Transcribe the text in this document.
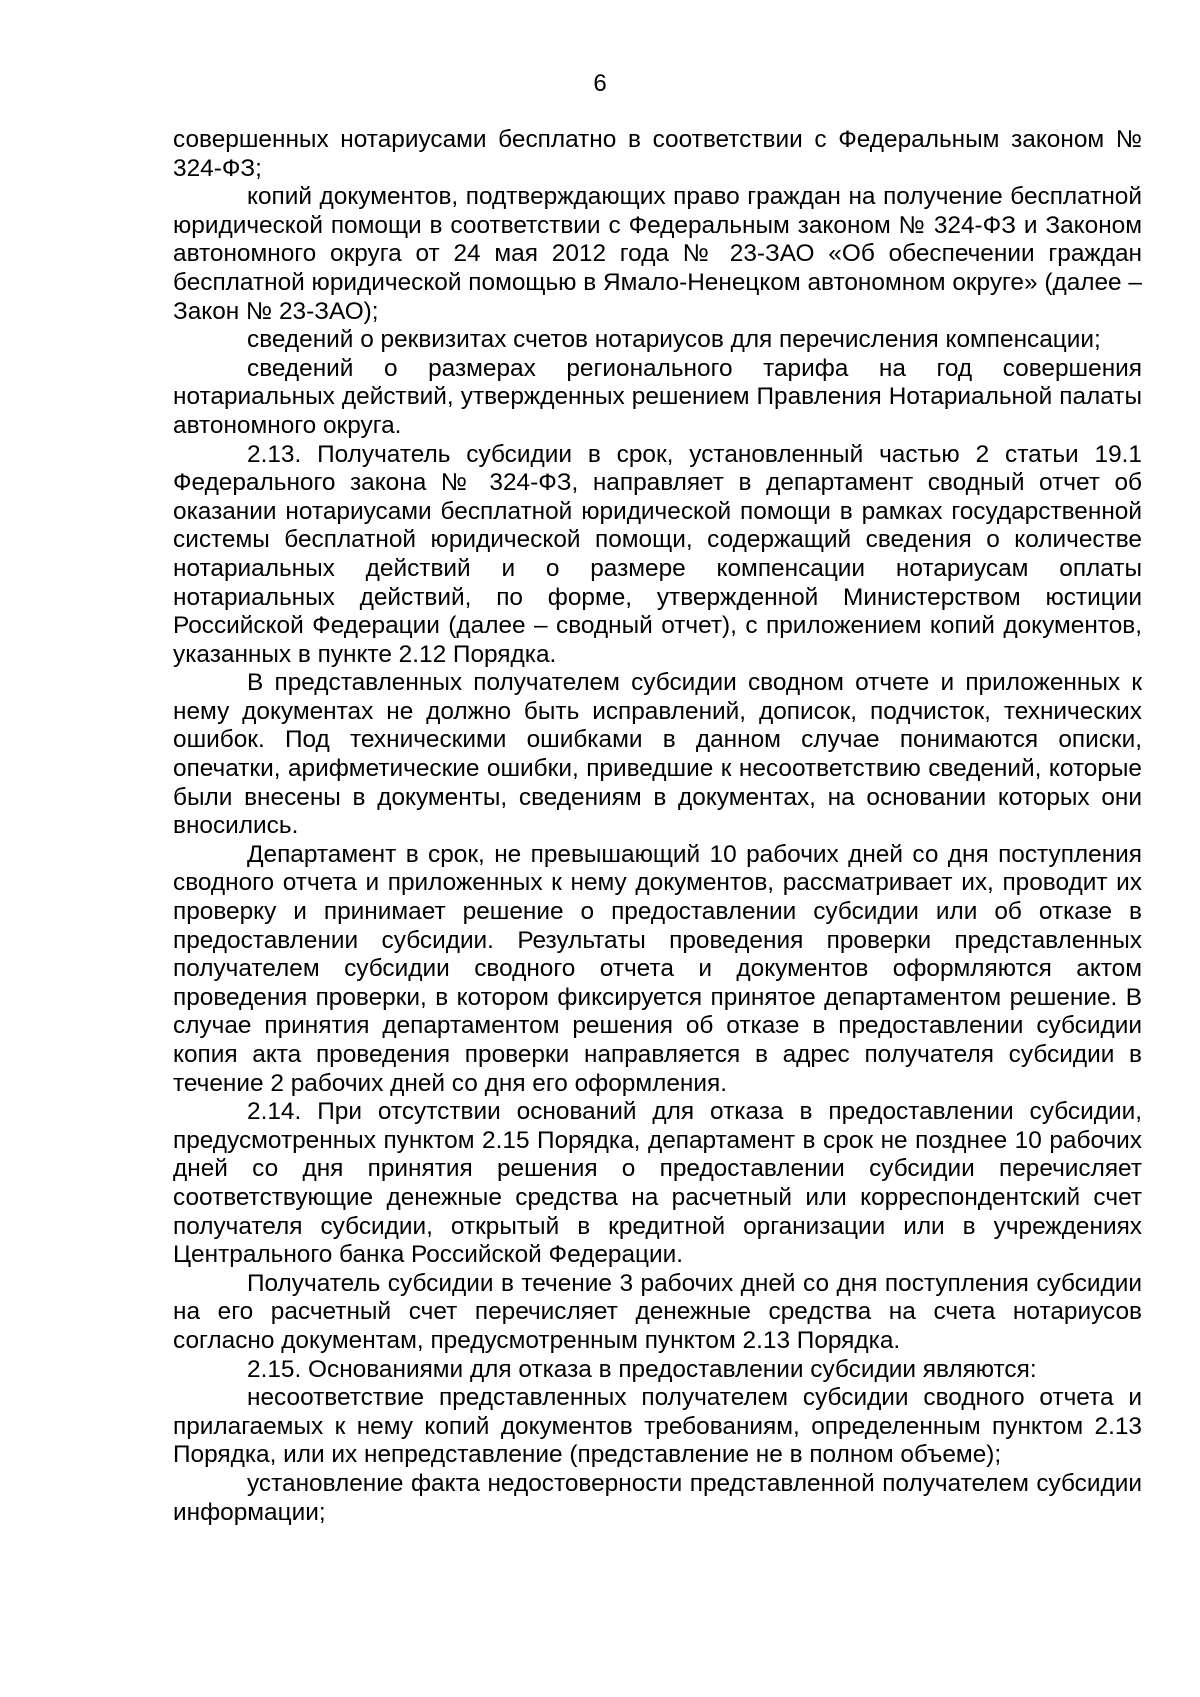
6

совершенных нотариусами бесплатно в соответствии с Федеральным законом № 324-ФЗ;

копий документов, подтверждающих право граждан на получение бесплатной юридической помощи в соответствии с Федеральным законом № 324-ФЗ и Законом автономного округа от 24 мая 2012 года № 23-ЗАО «Об обеспечении граждан бесплатной юридической помощью в Ямало-Ненецком автономном округе» (далее – Закон № 23-ЗАО);

сведений о реквизитах счетов нотариусов для перечисления компенсации;

сведений о размерах регионального тарифа на год совершения нотариальных действий, утвержденных решением Правления Нотариальной палаты автономного округа.

2.13. Получатель субсидии в срок, установленный частью 2 статьи 19.1 Федерального закона № 324-ФЗ, направляет в департамент сводный отчет об оказании нотариусами бесплатной юридической помощи в рамках государственной системы бесплатной юридической помощи, содержащий сведения о количестве нотариальных действий и о размере компенсации нотариусам оплаты нотариальных действий, по форме, утвержденной Министерством юстиции Российской Федерации (далее – сводный отчет), с приложением копий документов, указанных в пункте 2.12 Порядка.

В представленных получателем субсидии сводном отчете и приложенных к нему документах не должно быть исправлений, дописок, подчисток, технических ошибок. Под техническими ошибками в данном случае понимаются описки, опечатки, арифметические ошибки, приведшие к несоответствию сведений, которые были внесены в документы, сведениям в документах, на основании которых они вносились.

Департамент в срок, не превышающий 10 рабочих дней со дня поступления сводного отчета и приложенных к нему документов, рассматривает их, проводит их проверку и принимает решение о предоставлении субсидии или об отказе в предоставлении субсидии. Результаты проведения проверки представленных получателем субсидии сводного отчета и документов оформляются актом проведения проверки, в котором фиксируется принятое департаментом решение. В случае принятия департаментом решения об отказе в предоставлении субсидии копия акта проведения проверки направляется в адрес получателя субсидии в течение 2 рабочих дней со дня его оформления.

2.14. При отсутствии оснований для отказа в предоставлении субсидии, предусмотренных пунктом 2.15 Порядка, департамент в срок не позднее 10 рабочих дней со дня принятия решения о предоставлении субсидии перечисляет соответствующие денежные средства на расчетный или корреспондентский счет получателя субсидии, открытый в кредитной организации или в учреждениях Центрального банка Российской Федерации.

Получатель субсидии в течение 3 рабочих дней со дня поступления субсидии на его расчетный счет перечисляет денежные средства на счета нотариусов согласно документам, предусмотренным пунктом 2.13 Порядка.

2.15. Основаниями для отказа в предоставлении субсидии являются:

несоответствие представленных получателем субсидии сводного отчета и прилагаемых к нему копий документов требованиям, определенным пунктом 2.13 Порядка, или их непредставление (представление не в полном объеме);

установление факта недостоверности представленной получателем субсидии информации;
